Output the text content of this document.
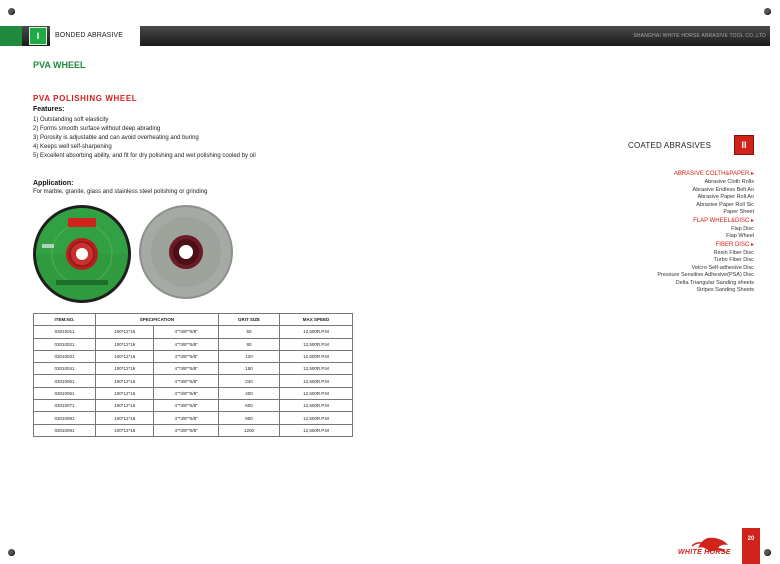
I BONDED ABRASIVE	SHANGHAI WHITE HORSE ABRASIVE TOOL CO.,LTD
PVA WHEEL
PVA POLISHING WHEEL
Features:
1) Outstanding soft elasticity
2) Forms smooth surface without deep abrading
3) Porosity is adjustable and can avoid overheating and buring
4) Keeps well self-sharpening
5) Excellent absorbing ability, and fit for dry polishing and wet polishing cooled by oil
Application:
For marble, granite, glass and stainless steel polishing or grinding
ITEM.NO.	SPECIFICATION		GRIT SIZE	MAX SPEED
03010011	100*12*16	4"*3/8"*5/8"	60	12,500R.P.M
03010021	100*12*16	4"*3/8"*5/8"	80	12,500R.P.M
03010031	100*12*16	4"*3/8"*5/8"	120	12,500R.P.M
03010041	100*12*16	4"*3/8"*5/8"	180	12,500R.P.M
03010051	100*12*16	4"*3/8"*5/8"	240	12,500R.P.M
03010061	100*12*16	4"*3/8"*5/8"	400	12,500R.P.M
03010071	100*12*16	4"*3/8"*5/8"	600	12,500R.P.M
03010081	100*12*16	4"*3/8"*5/8"	800	12,500R.P.M
03010091	100*12*16	4"*3/8"*5/8"	1200	12,500R.P.M
COATED ABRASIVES	II
ABRASIVE COLTH&PAPER ▸
Abrasive Cloth Rolls
Abrasive Endless Belt Ao
Abrasive Paper Roll Ao
Abrasive Paper Roll Sic
Paper Sheet
FLAP WHEEL&DISC ▸
Flap Disc
Flap Wheel
FIBER DISC ▸
Resin Fiber Disc
Turbo Fiber Disc
Velcro Self-adhesive Disc
Pressure Sensitive Adhesive(PSA) Disc
Delta Triangular Sanding sheets
Stripes Sanding Sheets
WHITE HORSE
20
